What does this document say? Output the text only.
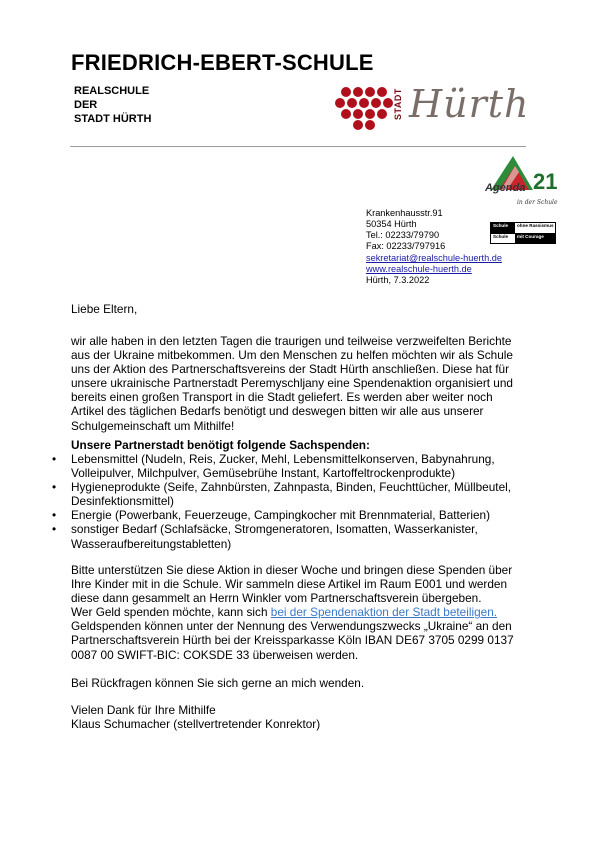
FRIEDRICH-EBERT-SCHULE
REALSCHULE
DER
STADT HÜRTH	STADT Hürth
Agenda 21
in der Schule
Schule	ohne Rassismus
Schule	mit Courage
Krankenhausstr.91
50354 Hürth
Tel.: 02233/79790
Fax: 02233/797916
sekretariat@realschule-huerth.de
www.realschule-huerth.de
Hürth, 7.3.2022
Liebe Eltern,
wir alle haben in den letzten Tagen die traurigen und teilweise verzweifelten Berichte
aus der Ukraine mitbekommen. Um den Menschen zu helfen möchten wir als Schule
uns der Aktion des Partnerschaftsvereins der Stadt Hürth anschließen. Diese hat für
unsere ukrainische Partnerstadt Peremyschljany eine Spendenaktion organisiert und
bereits einen großen Transport in die Stadt geliefert. Es werden aber weiter noch
Artikel des täglichen Bedarfs benötigt und deswegen bitten wir alle aus unserer
Schulgemeinschaft um Mithilfe!
Unsere Partnerstadt benötigt folgende Sachspenden:
• Lebensmittel (Nudeln, Reis, Zucker, Mehl, Lebensmittelkonserven, Babynahrung,
Volleipulver, Milchpulver, Gemüsebrühe Instant, Kartoffeltrockenprodukte)
• Hygieneprodukte (Seife, Zahnbürsten, Zahnpasta, Binden, Feuchttücher, Müllbeutel,
Desinfektionsmittel)
• Energie (Powerbank, Feuerzeuge, Campingkocher mit Brennmaterial, Batterien)
• sonstiger Bedarf (Schlafsäcke, Stromgeneratoren, Isomatten, Wasserkanister,
Wasseraufbereitungstabletten)
Bitte unterstützen Sie diese Aktion in dieser Woche und bringen diese Spenden über
Ihre Kinder mit in die Schule. Wir sammeln diese Artikel im Raum E001 und werden
diese dann gesammelt an Herrn Winkler vom Partnerschaftsverein übergeben.
Wer Geld spenden möchte, kann sich bei der Spendenaktion der Stadt beteiligen.
Geldspenden können unter der Nennung des Verwendungszwecks „Ukraine“ an den
Partnerschaftsverein Hürth bei der Kreissparkasse Köln IBAN DE67 3705 0299 0137
0087 00 SWIFT-BIC: COKSDE 33 überweisen werden.
Bei Rückfragen können Sie sich gerne an mich wenden.
Vielen Dank für Ihre Mithilfe
Klaus Schumacher (stellvertretender Konrektor)
